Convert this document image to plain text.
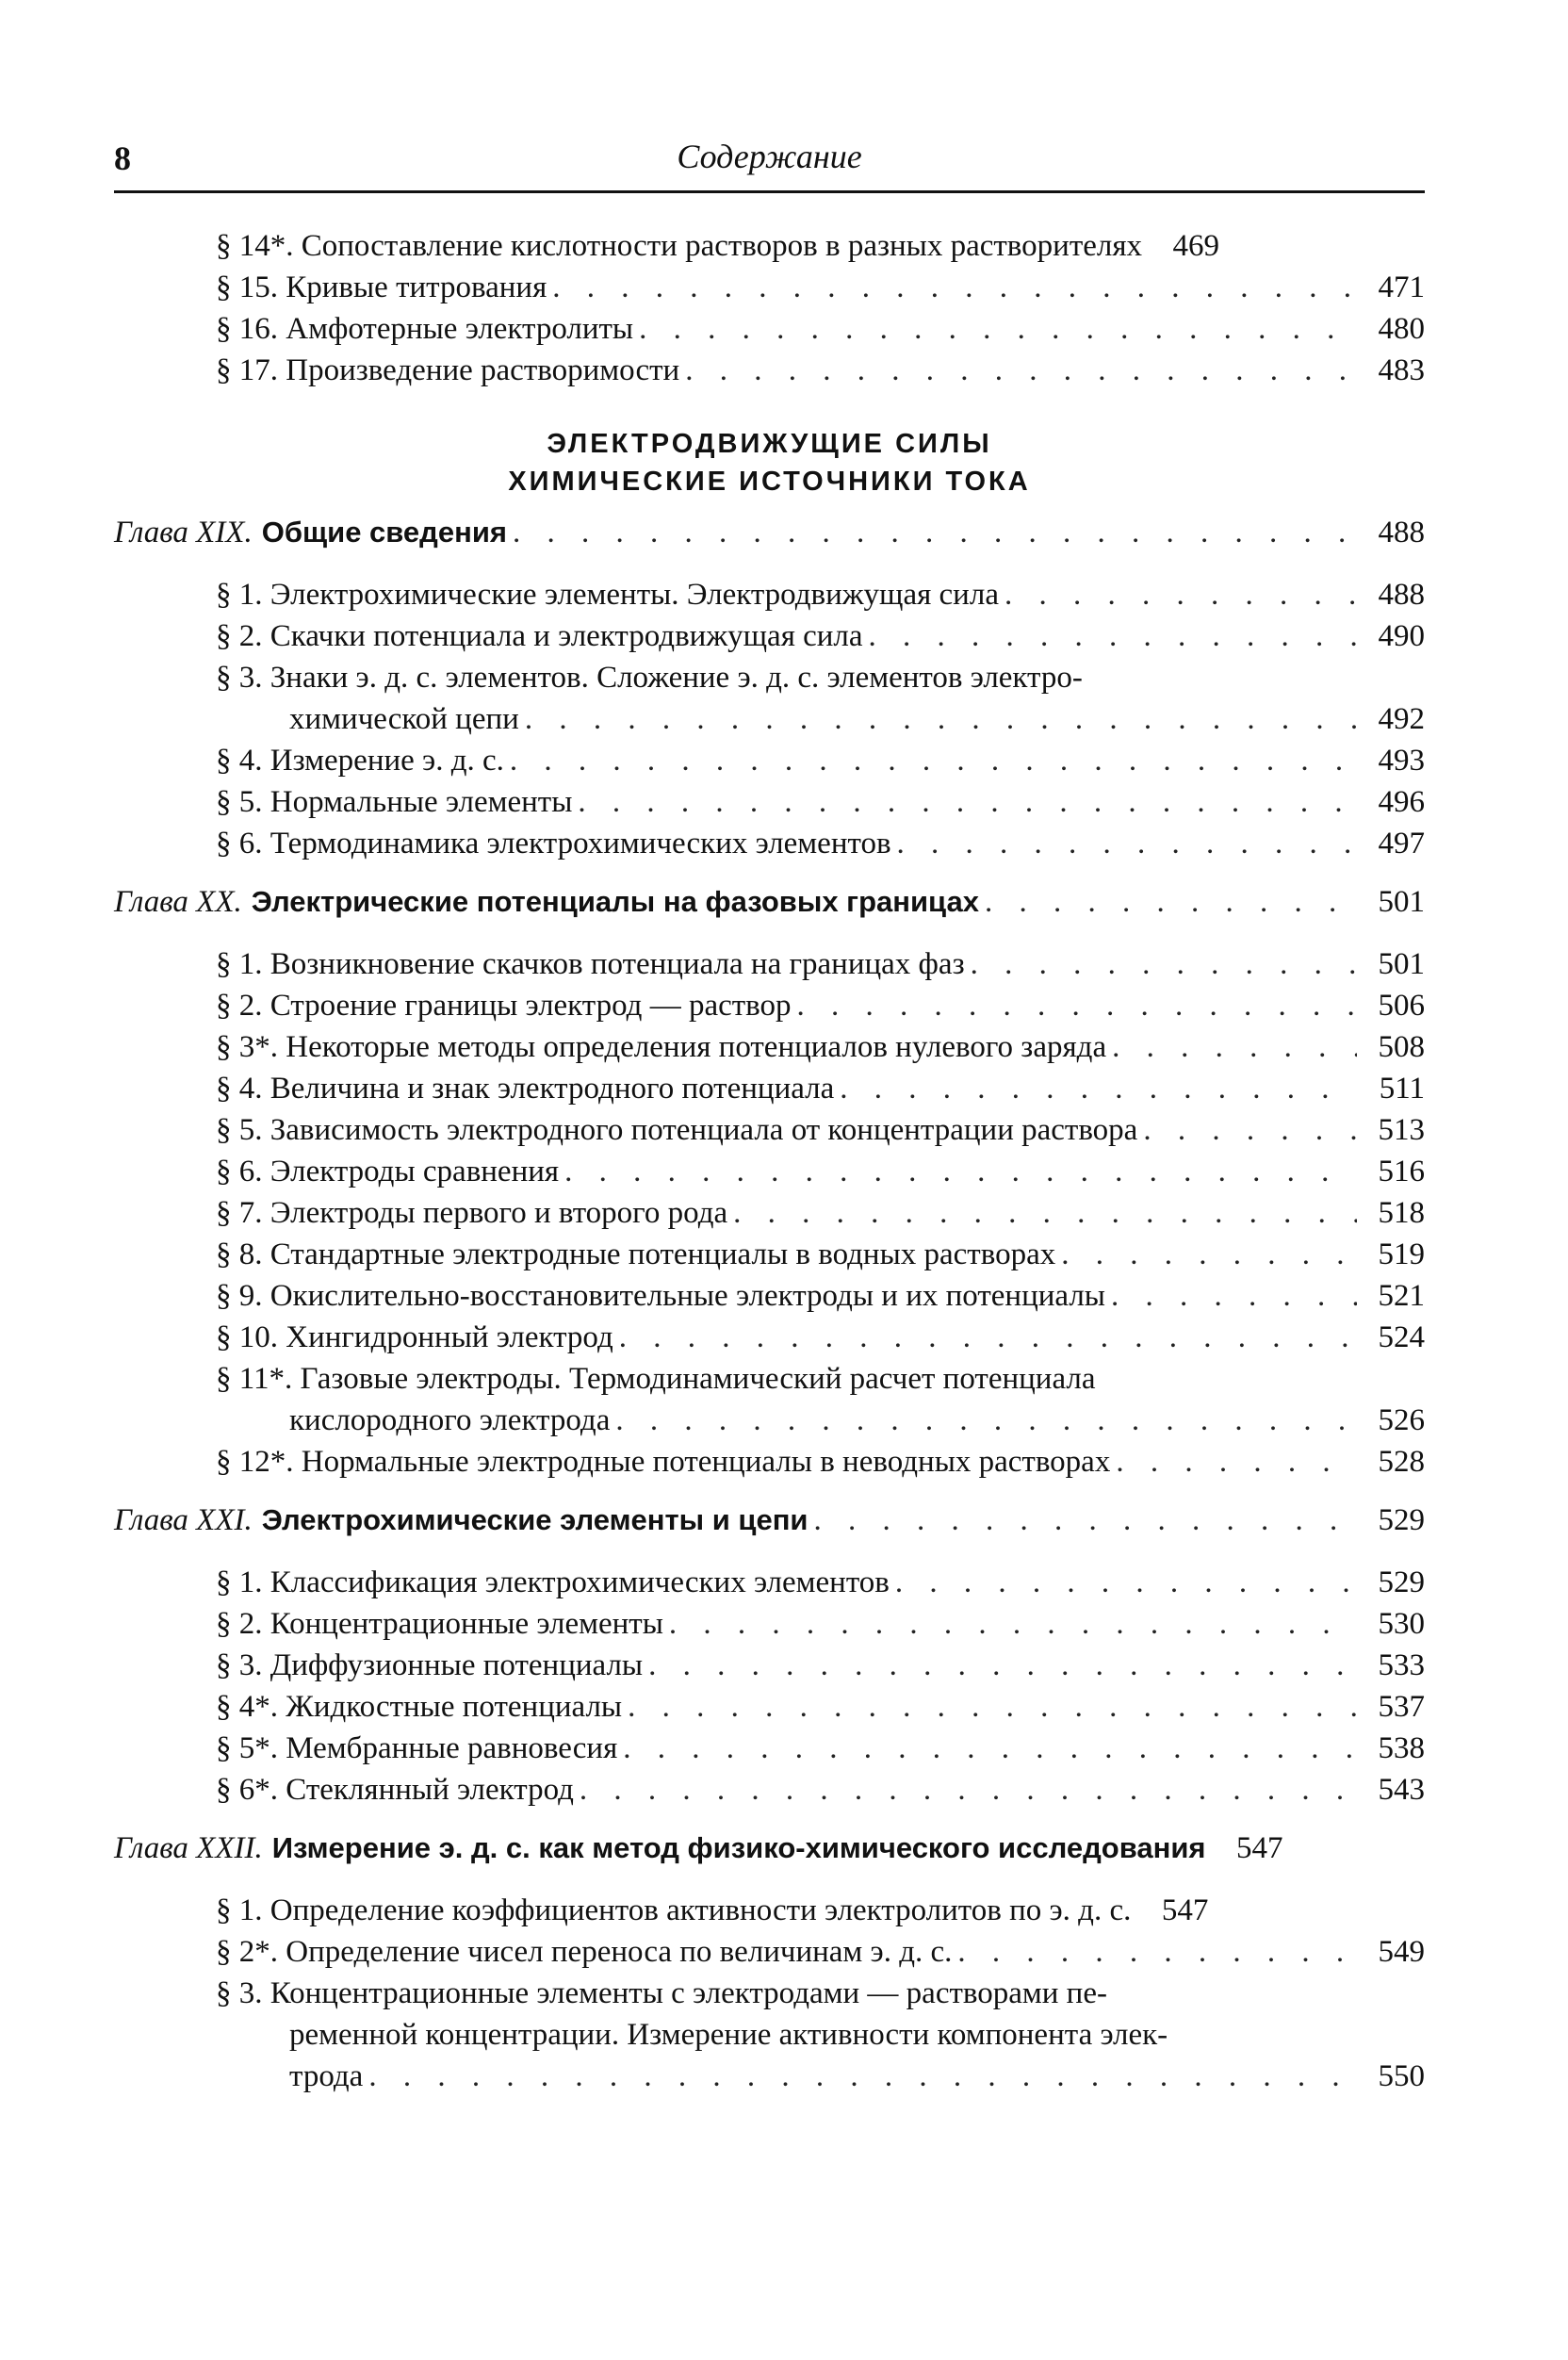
8	Содержание
§ 14*. Сопоставление кислотности растворов в разных растворителях 469
§ 15. Кривые титрования . . .	471
§ 16. Амфотерные электролиты . . .	480
§ 17. Произведение растворимости . . .	483
ЭЛЕКТРОДВИЖУЩИЕ СИЛЫ
ХИМИЧЕСКИЕ ИСТОЧНИКИ ТОКА
Глава XIX. Общие сведения . . .	488
§ 1. Электрохимические элементы. Электродвижущая сила . . .	488
§ 2. Скачки потенциала и электродвижущая сила . . .	490
§ 3. Знаки э. д. с. элементов. Сложение э. д. с. элементов электро-
химической цепи . . .	492
§ 4. Измерение э. д. с. . . .	493
§ 5. Нормальные элементы . . .	496
§ 6. Термодинамика электрохимических элементов . . .	497
Глава XX. Электрические потенциалы на фазовых границах . . .	501
§ 1. Возникновение скачков потенциала на границах фаз . . .	501
§ 2. Строение границы электрод — раствор . . .	506
§ 3*. Некоторые методы определения потенциалов нулевого заряда . . .	508
§ 4. Величина и знак электродного потенциала . . .	511
§ 5. Зависимость электродного потенциала от концентрации раствора . . .	513
§ 6. Электроды сравнения . . .	516
§ 7. Электроды первого и второго рода . . .	518
§ 8. Стандартные электродные потенциалы в водных растворах . . .	519
§ 9. Окислительно-восстановительные электроды и их потенциалы . . .	521
§ 10. Хингидронный электрод . . .	524
§ 11*. Газовые электроды. Термодинамический расчет потенциала
кислородного электрода . . .	526
§ 12*. Нормальные электродные потенциалы в неводных растворах . . .	528
Глава XXI. Электрохимические элементы и цепи . . .	529
§ 1. Классификация электрохимических элементов . . .	529
§ 2. Концентрационные элементы . . .	530
§ 3. Диффузионные потенциалы . . .	533
§ 4*. Жидкостные потенциалы . . .	537
§ 5*. Мембранные равновесия . . .	538
§ 6*. Стеклянный электрод . . .	543
Глава XXII. Измерение э. д. с. как метод физико-химического исследования 547
§ 1. Определение коэффициентов активности электролитов по э. д. с. 547
§ 2*. Определение чисел переноса по величинам э. д. с. . . .	549
§ 3. Концентрационные элементы с электродами — растворами пе-
ременной концентрации. Измерение активности компонента элек-
трода . . .	550
